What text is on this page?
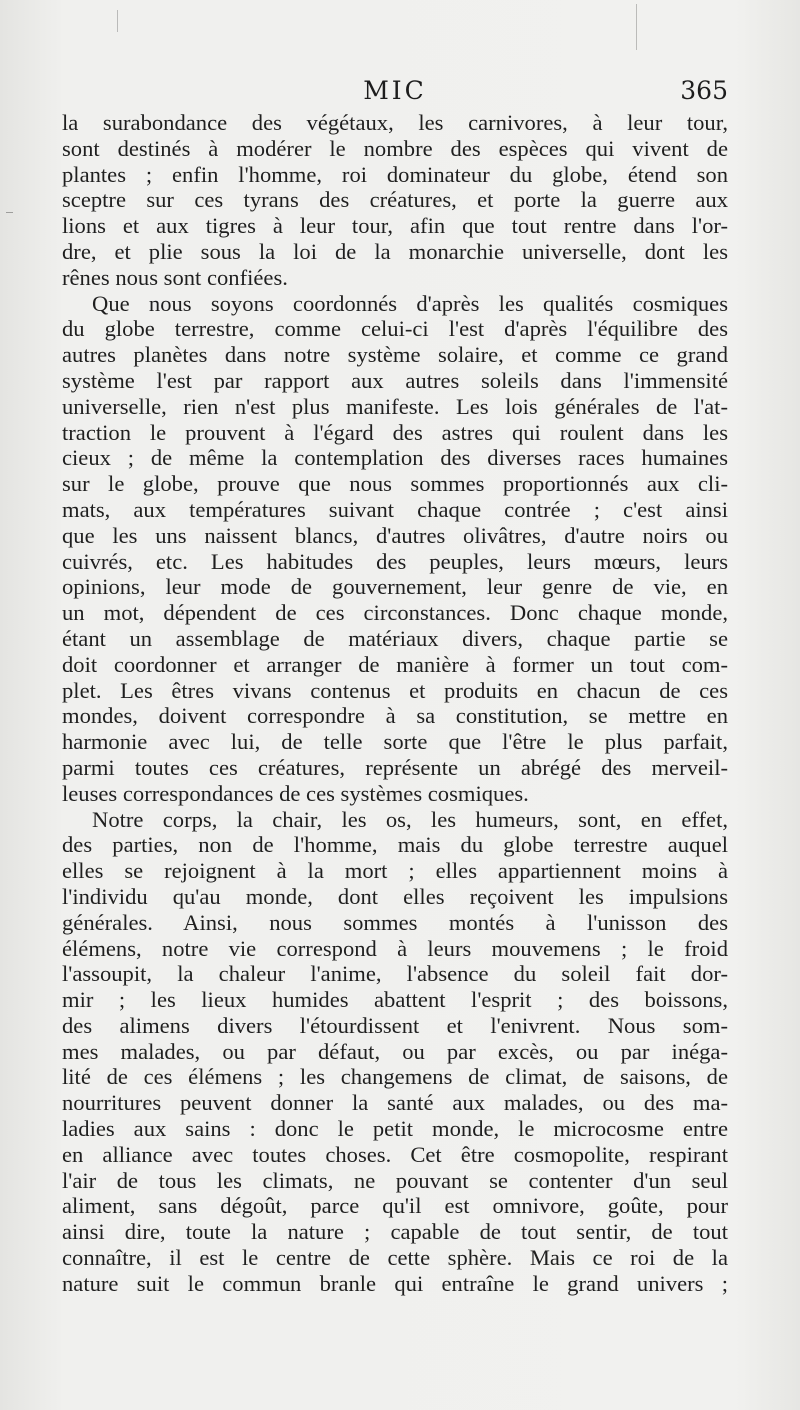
MIC	365
la surabondance des végétaux, les carnivores, à leur tour,
sont destinés à modérer le nombre des espèces qui vivent de
plantes ; enfin l'homme, roi dominateur du globe, étend son
sceptre sur ces tyrans des créatures, et porte la guerre aux
lions et aux tigres à leur tour, afin que tout rentre dans l'or-
dre, et plie sous la loi de la monarchie universelle, dont les
rênes nous sont confiées.
Que nous soyons coordonnés d'après les qualités cosmiques
du globe terrestre, comme celui-ci l'est d'après l'équilibre des
autres planètes dans notre système solaire, et comme ce grand
système l'est par rapport aux autres soleils dans l'immensité
universelle, rien n'est plus manifeste. Les lois générales de l'at-
traction le prouvent à l'égard des astres qui roulent dans les
cieux ; de même la contemplation des diverses races humaines
sur le globe, prouve que nous sommes proportionnés aux cli-
mats, aux températures suivant chaque contrée ; c'est ainsi
que les uns naissent blancs, d'autres olivâtres, d'autre noirs ou
cuivrés, etc. Les habitudes des peuples, leurs mœurs, leurs
opinions, leur mode de gouvernement, leur genre de vie, en
un mot, dépendent de ces circonstances. Donc chaque monde,
étant un assemblage de matériaux divers, chaque partie se
doit coordonner et arranger de manière à former un tout com-
plet. Les êtres vivans contenus et produits en chacun de ces
mondes, doivent correspondre à sa constitution, se mettre en
harmonie avec lui, de telle sorte que l'être le plus parfait,
parmi toutes ces créatures, représente un abrégé des merveil-
leuses correspondances de ces systèmes cosmiques.
Notre corps, la chair, les os, les humeurs, sont, en effet,
des parties, non de l'homme, mais du globe terrestre auquel
elles se rejoignent à la mort ; elles appartiennent moins à
l'individu qu'au monde, dont elles reçoivent les impulsions
générales. Ainsi, nous sommes montés à l'unisson des
élémens, notre vie correspond à leurs mouvemens ; le froid
l'assoupit, la chaleur l'anime, l'absence du soleil fait dor-
mir ; les lieux humides abattent l'esprit ; des boissons,
des alimens divers l'étourdissent et l'enivrent. Nous som-
mes malades, ou par défaut, ou par excès, ou par inéga-
lité de ces élémens ; les changemens de climat, de saisons, de
nourritures peuvent donner la santé aux malades, ou des ma-
ladies aux sains : donc le petit monde, le microcosme entre
en alliance avec toutes choses. Cet être cosmopolite, respirant
l'air de tous les climats, ne pouvant se contenter d'un seul
aliment, sans dégoût, parce qu'il est omnivore, goûte, pour
ainsi dire, toute la nature ; capable de tout sentir, de tout
connaître, il est le centre de cette sphère. Mais ce roi de la
nature suit le commun branle qui entraîne le grand univers ;
